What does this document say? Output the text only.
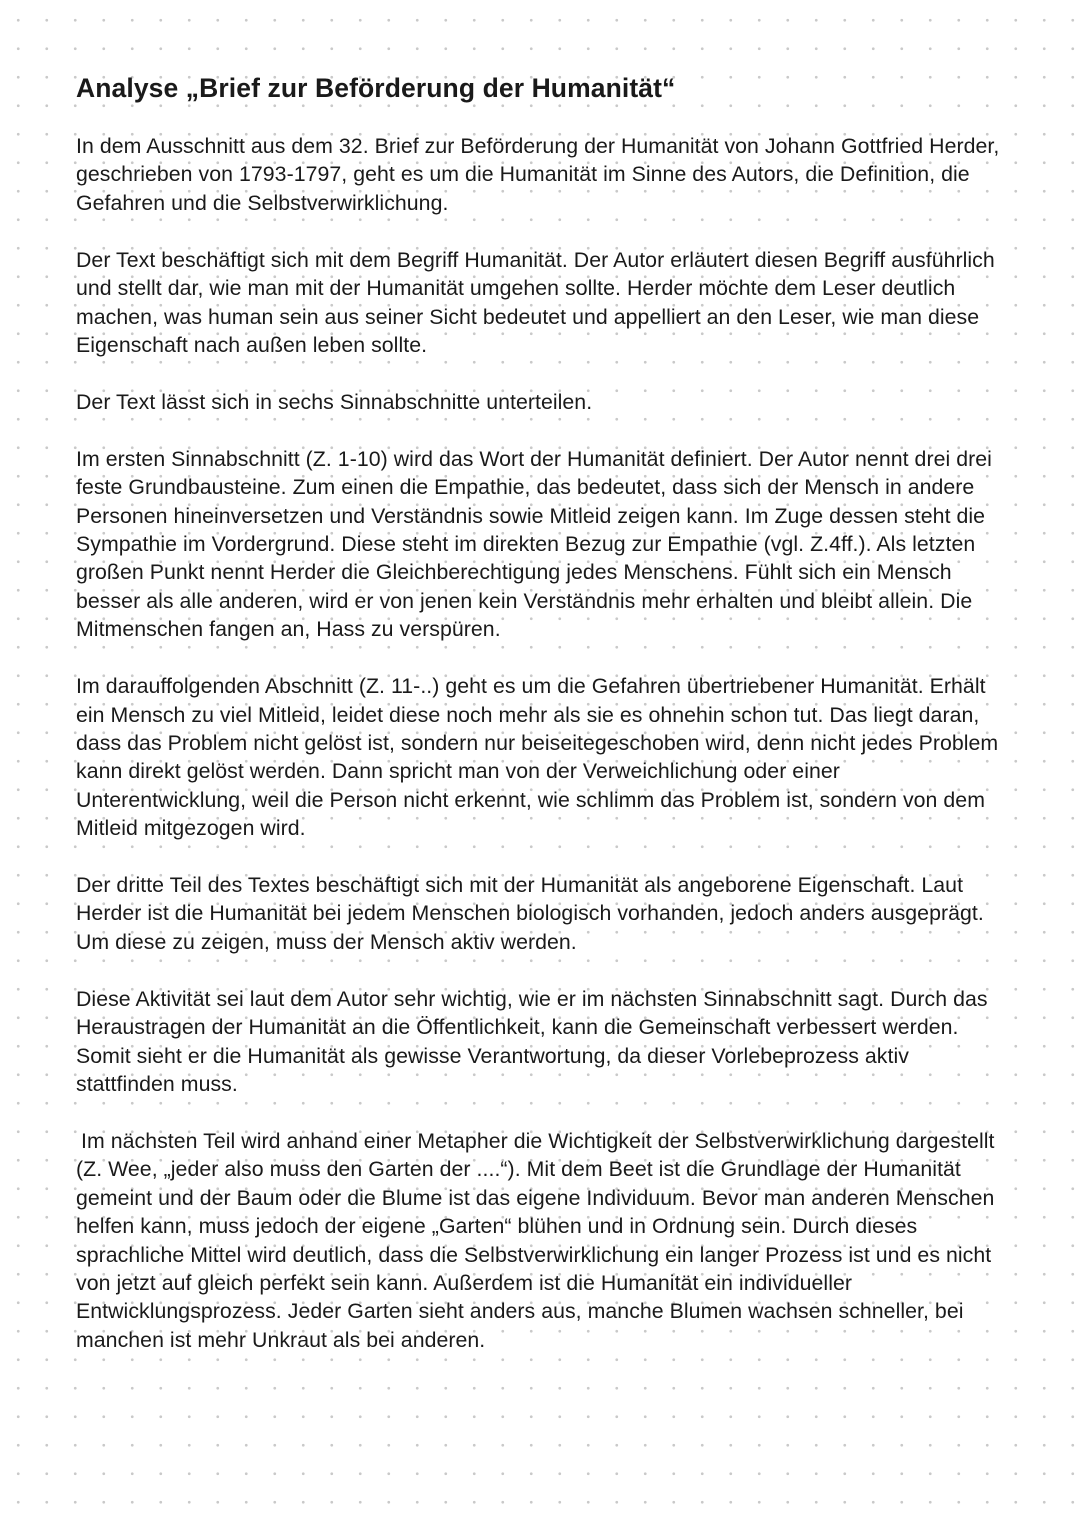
Analyse „Brief zur Beförderung der Humanität“

In dem Ausschnitt aus dem 32. Brief zur Beförderung der Humanität von Johann Gottfried Herder, geschrieben von 1793-1797, geht es um die Humanität im Sinne des Autors, die Definition, die Gefahren und die Selbstverwirklichung.

Der Text beschäftigt sich mit dem Begriff Humanität. Der Autor erläutert diesen Begriff ausführlich und stellt dar, wie man mit der Humanität umgehen sollte. Herder möchte dem Leser deutlich machen, was human sein aus seiner Sicht bedeutet und appelliert an den Leser, wie man diese Eigenschaft nach außen leben sollte.

Der Text lässt sich in sechs Sinnabschnitte unterteilen.

Im ersten Sinnabschnitt (Z. 1-10) wird das Wort der Humanität definiert. Der Autor nennt drei drei feste Grundbausteine. Zum einen die Empathie, das bedeutet, dass sich der Mensch in andere Personen hineinversetzen und Verständnis sowie Mitleid zeigen kann. Im Zuge dessen steht die Sympathie im Vordergrund. Diese steht im direkten Bezug zur Empathie (vgl. Z.4ff.). Als letzten großen Punkt nennt Herder die Gleichberechtigung jedes Menschens. Fühlt sich ein Mensch besser als alle anderen, wird er von jenen kein Verständnis mehr erhalten und bleibt allein. Die Mitmenschen fangen an, Hass zu verspüren.

Im darauffolgenden Abschnitt (Z. 11-..) geht es um die Gefahren übertriebener Humanität. Erhält ein Mensch zu viel Mitleid, leidet diese noch mehr als sie es ohnehin schon tut. Das liegt daran, dass das Problem nicht gelöst ist, sondern nur beiseitegeschoben wird, denn nicht jedes Problem kann direkt gelöst werden. Dann spricht man von der Verweichlichung oder einer Unterentwicklung, weil die Person nicht erkennt, wie schlimm das Problem ist, sondern von dem Mitleid mitgezogen wird.

Der dritte Teil des Textes beschäftigt sich mit der Humanität als angeborene Eigenschaft. Laut Herder ist die Humanität bei jedem Menschen biologisch vorhanden, jedoch anders ausgeprägt. Um diese zu zeigen, muss der Mensch aktiv werden.

Diese Aktivität sei laut dem Autor sehr wichtig, wie er im nächsten Sinnabschnitt sagt. Durch das Heraustragen der Humanität an die Öffentlichkeit, kann die Gemeinschaft verbessert werden. Somit sieht er die Humanität als gewisse Verantwortung, da dieser Vorlebeprozess aktiv stattfinden muss.

Im nächsten Teil wird anhand einer Metapher die Wichtigkeit der Selbstverwirklichung dargestellt (Z. Wee, „jeder also muss den Garten der ....“). Mit dem Beet ist die Grundlage der Humanität gemeint und der Baum oder die Blume ist das eigene Individuum. Bevor man anderen Menschen helfen kann, muss jedoch der eigene „Garten“ blühen und in Ordnung sein. Durch dieses sprachliche Mittel wird deutlich, dass die Selbstverwirklichung ein langer Prozess ist und es nicht von jetzt auf gleich perfekt sein kann. Außerdem ist die Humanität ein individueller Entwicklungsprozess. Jeder Garten sieht anders aus, manche Blumen wachsen schneller, bei manchen ist mehr Unkraut als bei anderen.
